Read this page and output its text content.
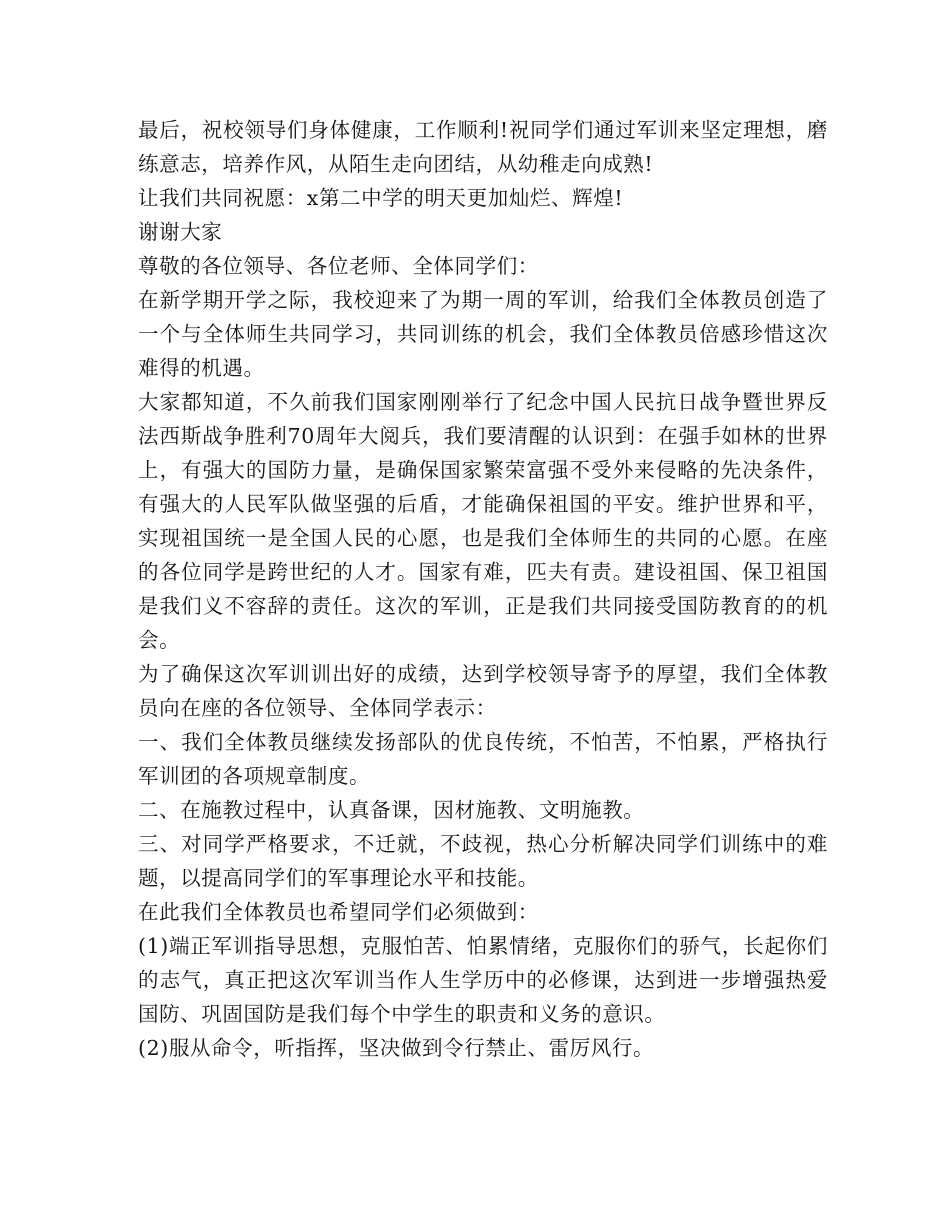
最后，祝校领导们身体健康，工作顺利!祝同学们通过军训来坚定理想，磨练意志，培养作风，从陌生走向团结，从幼稚走向成熟!

让我们共同祝愿：x第二中学的明天更加灿烂、辉煌!

谢谢大家

尊敬的各位领导、各位老师、全体同学们：

在新学期开学之际，我校迎来了为期一周的军训，给我们全体教员创造了一个与全体师生共同学习，共同训练的机会，我们全体教员倍感珍惜这次难得的机遇。

大家都知道，不久前我们国家刚刚举行了纪念中国人民抗日战争暨世界反法西斯战争胜利70周年大阅兵，我们要清醒的认识到：在强手如林的世界上，有强大的国防力量，是确保国家繁荣富强不受外来侵略的先决条件，有强大的人民军队做坚强的后盾，才能确保祖国的平安。维护世界和平，实现祖国统一是全国人民的心愿，也是我们全体师生的共同的心愿。在座的各位同学是跨世纪的人才。国家有难，匹夫有责。建设祖国、保卫祖国是我们义不容辞的责任。这次的军训，正是我们共同接受国防教育的的机会。

为了确保这次军训训出好的成绩，达到学校领导寄予的厚望，我们全体教员向在座的各位领导、全体同学表示：

一、我们全体教员继续发扬部队的优良传统，不怕苦，不怕累，严格执行军训团的各项规章制度。

二、在施教过程中，认真备课，因材施教、文明施教。

三、对同学严格要求，不迁就，不歧视，热心分析解决同学们训练中的难题，以提高同学们的军事理论水平和技能。

在此我们全体教员也希望同学们必须做到：

(1)端正军训指导思想，克服怕苦、怕累情绪，克服你们的骄气，长起你们的志气，真正把这次军训当作人生学历中的必修课，达到进一步增强热爱国防、巩固国防是我们每个中学生的职责和义务的意识。

(2)服从命令，听指挥，坚决做到令行禁止、雷厉风行。
